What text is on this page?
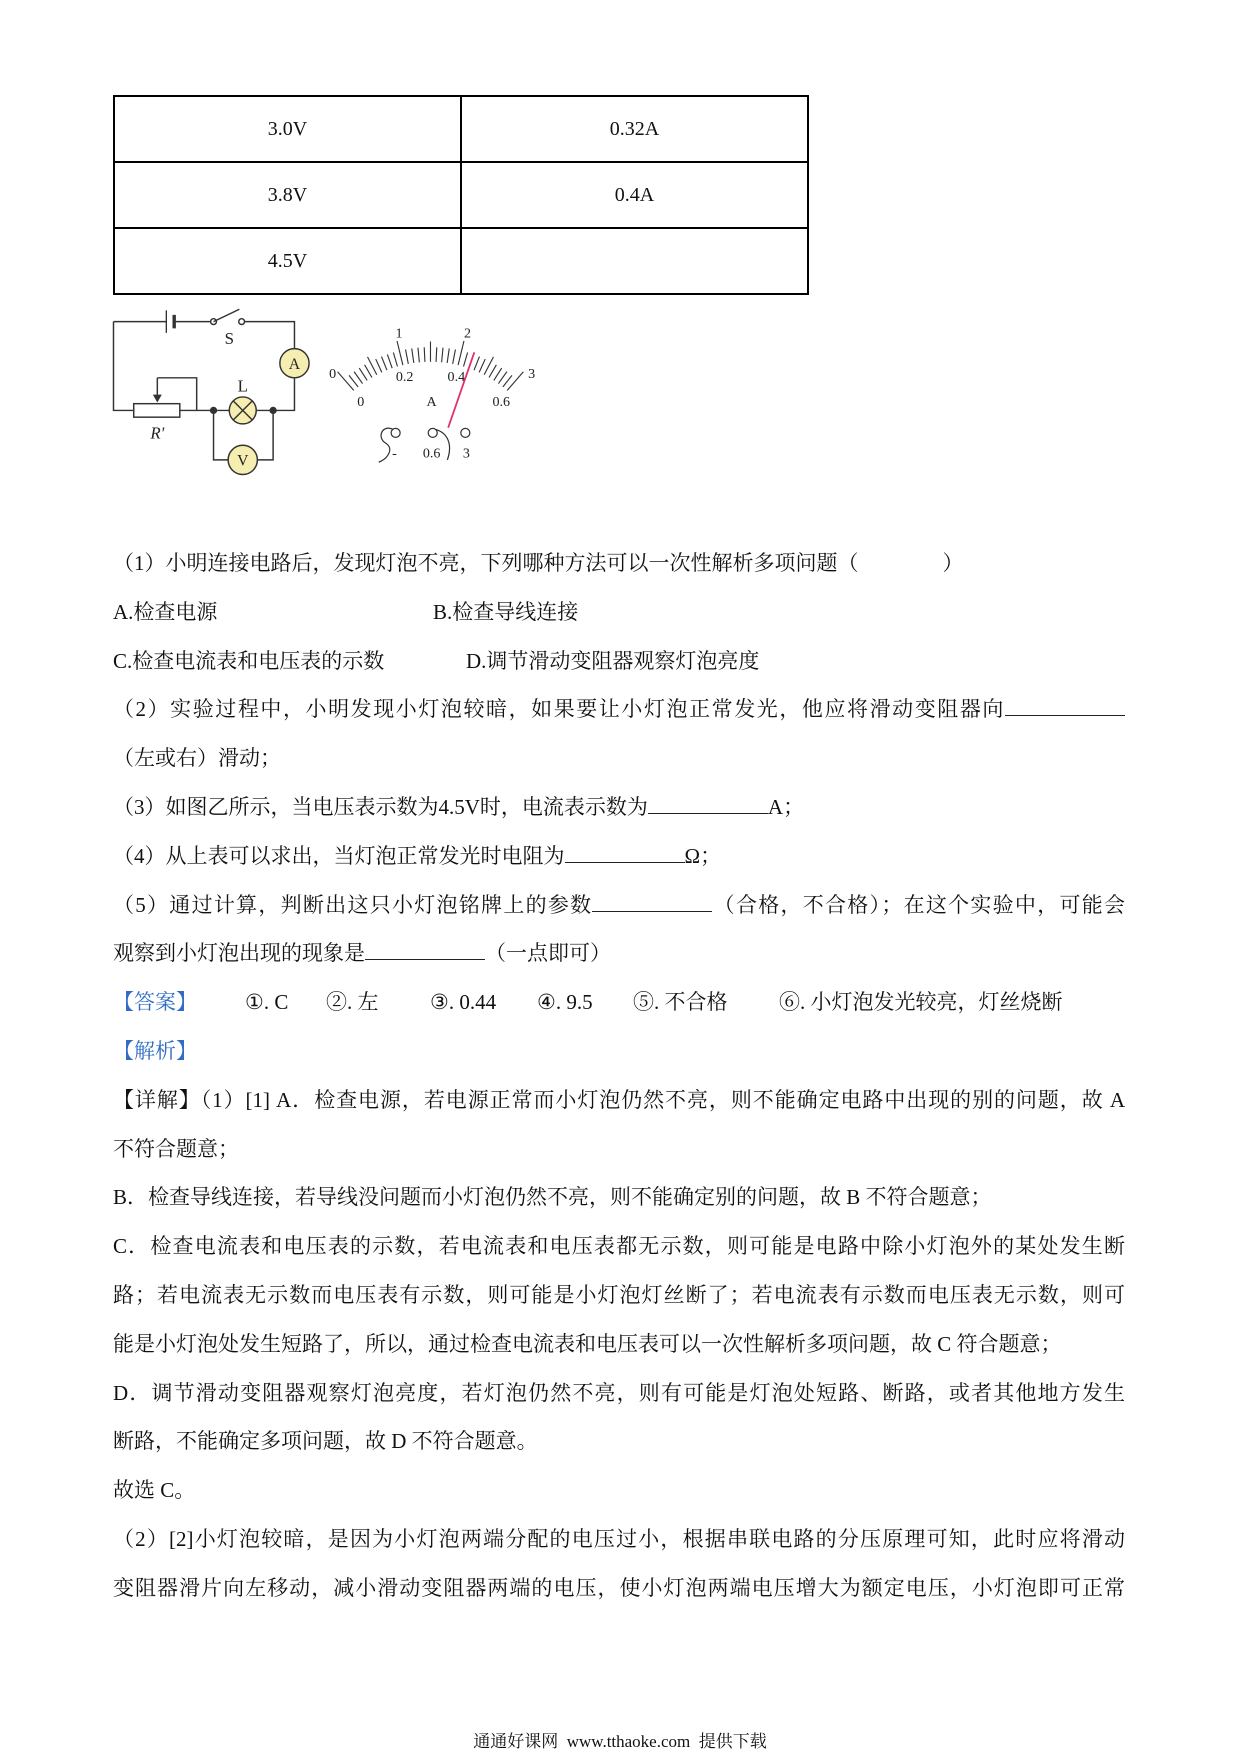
3.0V	0.32A
3.8V	0.4A
4.5V	
A
V
S
L
R'
0
1	2
3
0
0.2	0.4
0.6
A
- 0.6 3
（1）小明连接电路后，发现灯泡不亮，下列哪种方法可以一次性解析多项问题（　　　　）
A.检查电源	B.检查导线连接
C.检查电流表和电压表的示数	D.调节滑动变阻器观察灯泡亮度
（2）实验过程中，小明发现小灯泡较暗，如果要让小灯泡正常发光，他应将滑动变阻器向
（左或右）滑动；
（3）如图乙所示，当电压表示数为4.5V时，电流表示数为	A；
（4）从上表可以求出，当灯泡正常发光时电阻为	Ω；
（5）通过计算，判断出这只小灯泡铭牌上的参数	（合格，不合格）；在这个实验中，可能会
观察到小灯泡出现的现象是	（一点即可）
【答案】 ①. C ②. 左 ③. 0.44 ④. 9.5 ⑤. 不合格 ⑥. 小灯泡发光较亮，灯丝烧断
【解析】
【详解】（1）[1] A．检查电源，若电源正常而小灯泡仍然不亮，则不能确定电路中出现的别的问题，故 A
不符合题意；
B．检查导线连接，若导线没问题而小灯泡仍然不亮，则不能确定别的问题，故 B 不符合题意；
C．检查电流表和电压表的示数，若电流表和电压表都无示数，则可能是电路中除小灯泡外的某处发生断
路；若电流表无示数而电压表有示数，则可能是小灯泡灯丝断了；若电流表有示数而电压表无示数，则可
能是小灯泡处发生短路了，所以，通过检查电流表和电压表可以一次性解析多项问题，故 C 符合题意；
D．调节滑动变阻器观察灯泡亮度，若灯泡仍然不亮，则有可能是灯泡处短路、断路，或者其他地方发生
断路，不能确定多项问题，故 D 不符合题意。
故选 C。
（2）[2]小灯泡较暗，是因为小灯泡两端分配的电压过小，根据串联电路的分压原理可知，此时应将滑动
变阻器滑片向左移动，减小滑动变阻器两端的电压，使小灯泡两端电压增大为额定电压，小灯泡即可正常
通通好课网  www.tthaoke.com  提供下载
